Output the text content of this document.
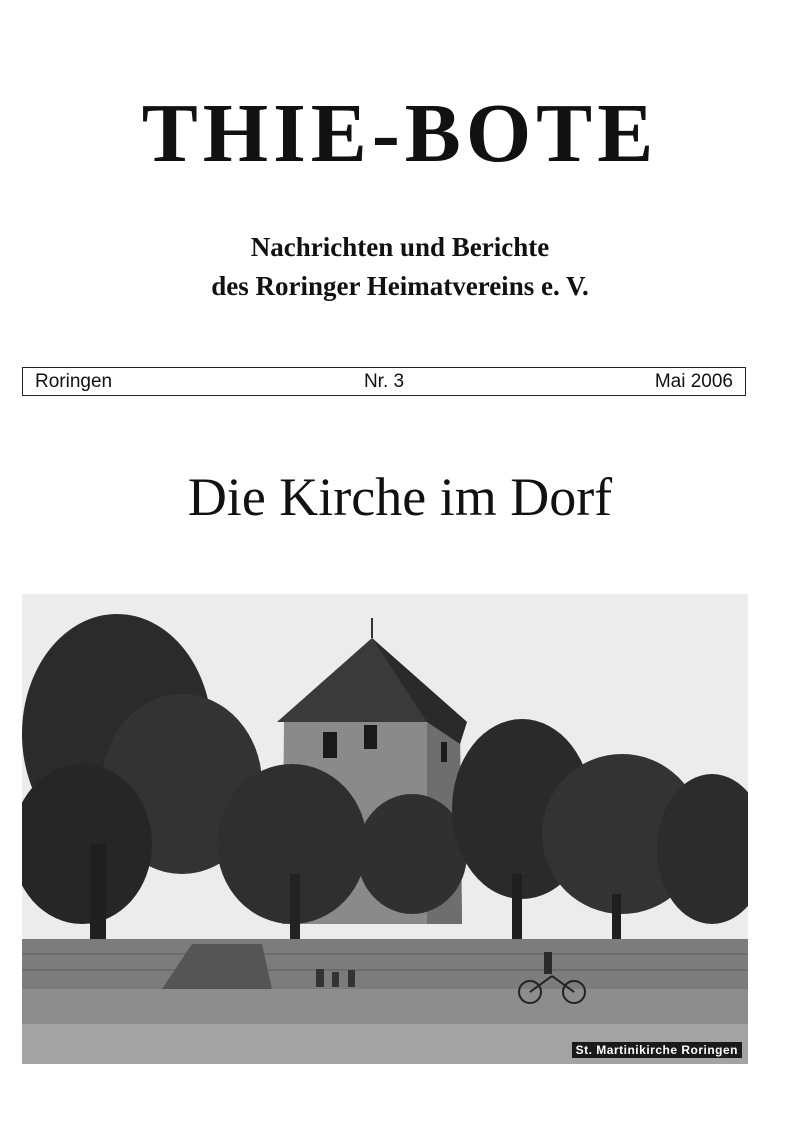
THIE-BOTE
Nachrichten und Berichte
des Roringer Heimatvereins e. V.
Nr. 3
Roringen	Mai 2006
Die Kirche im Dorf
St. Martinikirche Roringen
